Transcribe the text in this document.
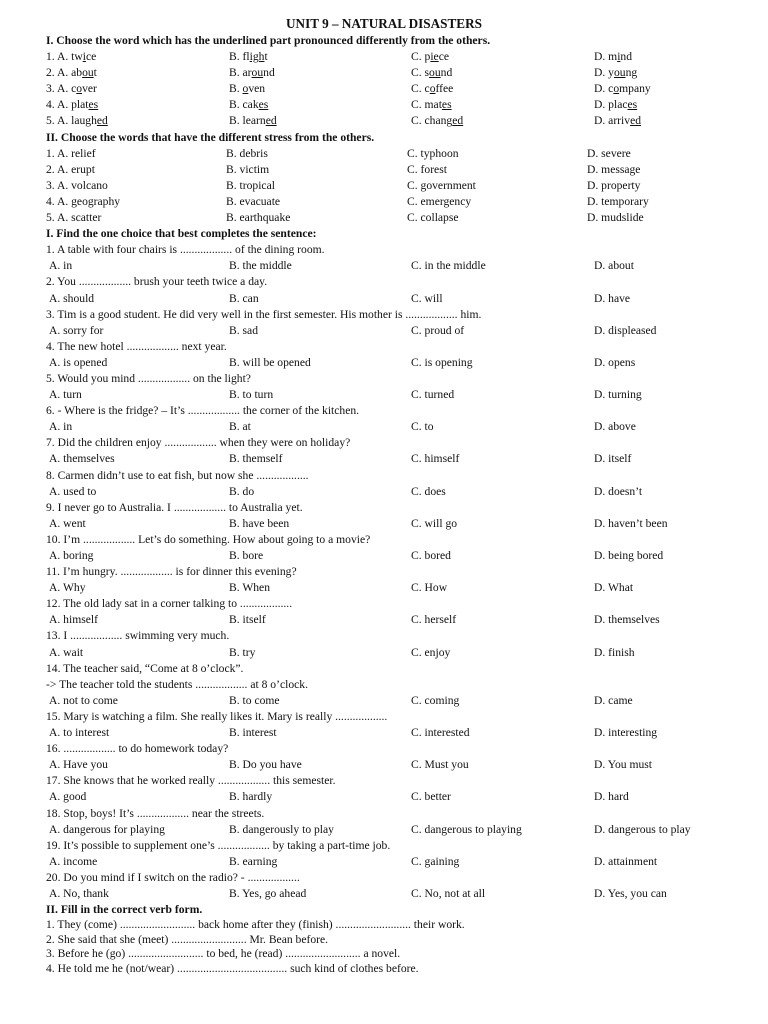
UNIT 9 – NATURAL DISASTERS
I. Choose the word which has the underlined part pronounced differently from the others.
1. A. twice	B. flight	C. piece	D. mind
2. A. about	B. around	C. sound	D. young
3. A. cover	B. oven	C. coffee	D. company
4. A. plates	B. cakes	C. mates	D. places
5. A. laughed	B. learned	C. changed	D. arrived
II. Choose the words that have the different stress from the others.
1. A. relief	B. debris	C. typhoon	D. severe
2. A. erupt	B. victim	C. forest	D. message
3. A. volcano	B. tropical	C. government	D. property
4. A. geography	B. evacuate	C. emergency	D. temporary
5. A. scatter	B. earthquake	C. collapse	D. mudslide
I. Find the one choice that best completes the sentence:
1. A table with four chairs is .................. of the dining room.
A. in	B. the middle	C. in the middle	D. about
2. You .................. brush your teeth twice a day.
A. should	B. can	C. will	D. have
3. Tim is a good student. He did very well in the first semester. His mother is .................. him.
A. sorry for	B. sad	C. proud of	D. displeased
4. The new hotel .................. next year.
A. is opened	B. will be opened	C. is opening	D. opens
5. Would you mind .................. on the light?
A. turn	B. to turn	C. turned	D. turning
6. - Where is the fridge? – It’s .................. the corner of the kitchen.
A. in	B. at	C. to	D. above
7. Did the children enjoy .................. when they were on holiday?
A. themselves	B. themself	C. himself	D. itself
8. Carmen didn’t use to eat fish, but now she ..................
A. used to	B. do	C. does	D. doesn’t
9. I never go to Australia. I .................. to Australia yet.
A. went	B. have been	C. will go	D. haven’t been
10. I’m .................. Let’s do something. How about going to a movie?
A. boring	B. bore	C. bored	D. being bored
11. I’m hungry. .................. is for dinner this evening?
A. Why	B. When	C. How	D. What
12. The old lady sat in a corner talking to ..................
A. himself	B. itself	C. herself	D. themselves
13. I .................. swimming very much.
A. wait	B. try	C. enjoy	D. finish
14. The teacher said, “Come at 8 o’clock”.
-> The teacher told the students .................. at 8 o’clock.
A. not to come	B. to come	C. coming	D. came
15. Mary is watching a film. She really likes it. Mary is really ..................
A. to interest	B. interest	C. interested	D. interesting
16. .................. to do homework today?
A. Have you	B. Do you have	C. Must you	D. You must
17. She knows that he worked really .................. this semester.
A. good	B. hardly	C. better	D. hard
18. Stop, boys! It’s .................. near the streets.
A. dangerous for playing	B. dangerously to play	C. dangerous to playing	D. dangerous to play
19. It’s possible to supplement one’s .................. by taking a part-time job.
A. income	B. earning	C. gaining	D. attainment
20. Do you mind if I switch on the radio? - ..................
A. No, thank	B. Yes, go ahead	C. No, not at all	D. Yes, you can
II. Fill in the correct verb form.
1. They (come) .......................... back home after they (finish) .......................... their work.
2. She said that she (meet) .......................... Mr. Bean before.
3. Before he (go) .......................... to bed, he (read) .......................... a novel.
4. He told me he (not/wear) ...................................... such kind of clothes before.
